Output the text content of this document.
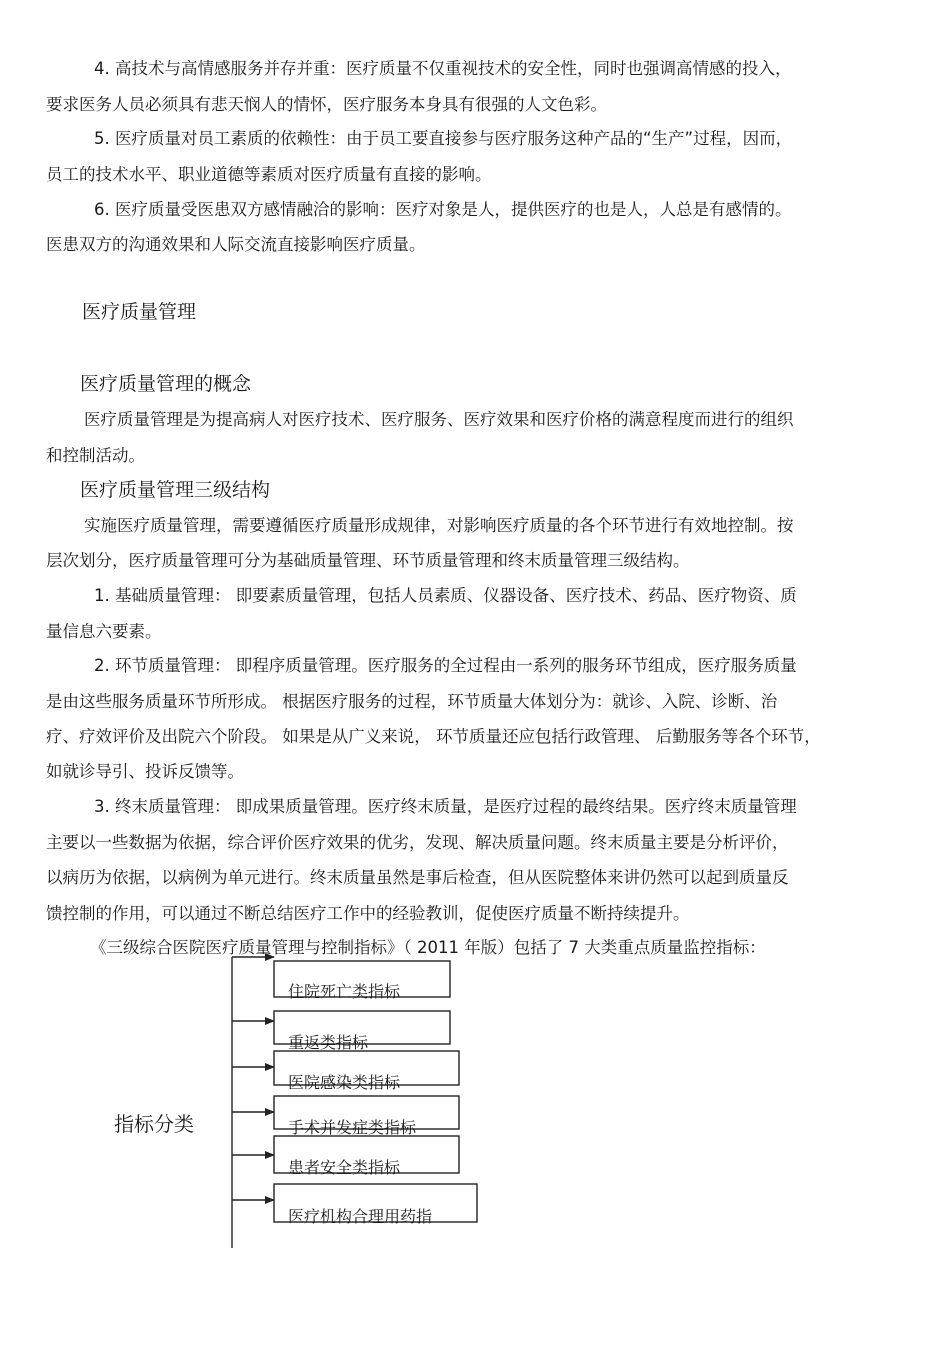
4. 高技术与高情感服务并存并重：医疗质量不仅重视技术的安全性，同时也强调高情感的投入，
要求医务人员必须具有悲天悯人的情怀，医疗服务本身具有很强的人文色彩。
5. 医疗质量对员工素质的依赖性：由于员工要直接参与医疗服务这种产品的“生产”过程，因而，
员工的技术水平、职业道德等素质对医疗质量有直接的影响。
6. 医疗质量受医患双方感情融洽的影响：医疗对象是人，提供医疗的也是人，人总是有感情的。
医患双方的沟通效果和人际交流直接影响医疗质量。
医疗质量管理
医疗质量管理的概念
医疗质量管理是为提高病人对医疗技术、医疗服务、医疗效果和医疗价格的满意程度而进行的组织
和控制活动。
医疗质量管理三级结构
实施医疗质量管理，需要遵循医疗质量形成规律，对影响医疗质量的各个环节进行有效地控制。按
层次划分，医疗质量管理可分为基础质量管理、环节质量管理和终末质量管理三级结构。
1. 基础质量管理： 即要素质量管理，包括人员素质、仪器设备、医疗技术、药品、医疗物资、质
量信息六要素。
2. 环节质量管理： 即程序质量管理。医疗服务的全过程由一系列的服务环节组成，医疗服务质量
是由这些服务质量环节所形成。 根据医疗服务的过程，环节质量大体划分为：就诊、入院、诊断、治
疗、疗效评价及出院六个阶段。 如果是从广义来说， 环节质量还应包括行政管理、 后勤服务等各个环节，
如就诊导引、投诉反馈等。
3. 终末质量管理： 即成果质量管理。医疗终末质量，是医疗过程的最终结果。医疗终末质量管理
主要以一些数据为依据，综合评价医疗效果的优劣，发现、解决质量问题。终末质量主要是分析评价，
以病历为依据，以病例为单元进行。终末质量虽然是事后检查，但从医院整体来讲仍然可以起到质量反
馈控制的作用，可以通过不断总结医疗工作中的经验教训，促使医疗质量不断持续提升。
《三级综合医院医疗质量管理与控制指标》（ 2011 年版）包括了 7 大类重点质量监控指标：
指标分类
住院死亡类指标
重返类指标
医院感染类指标
手术并发症类指标
患者安全类指标
医疗机构合理用药指
